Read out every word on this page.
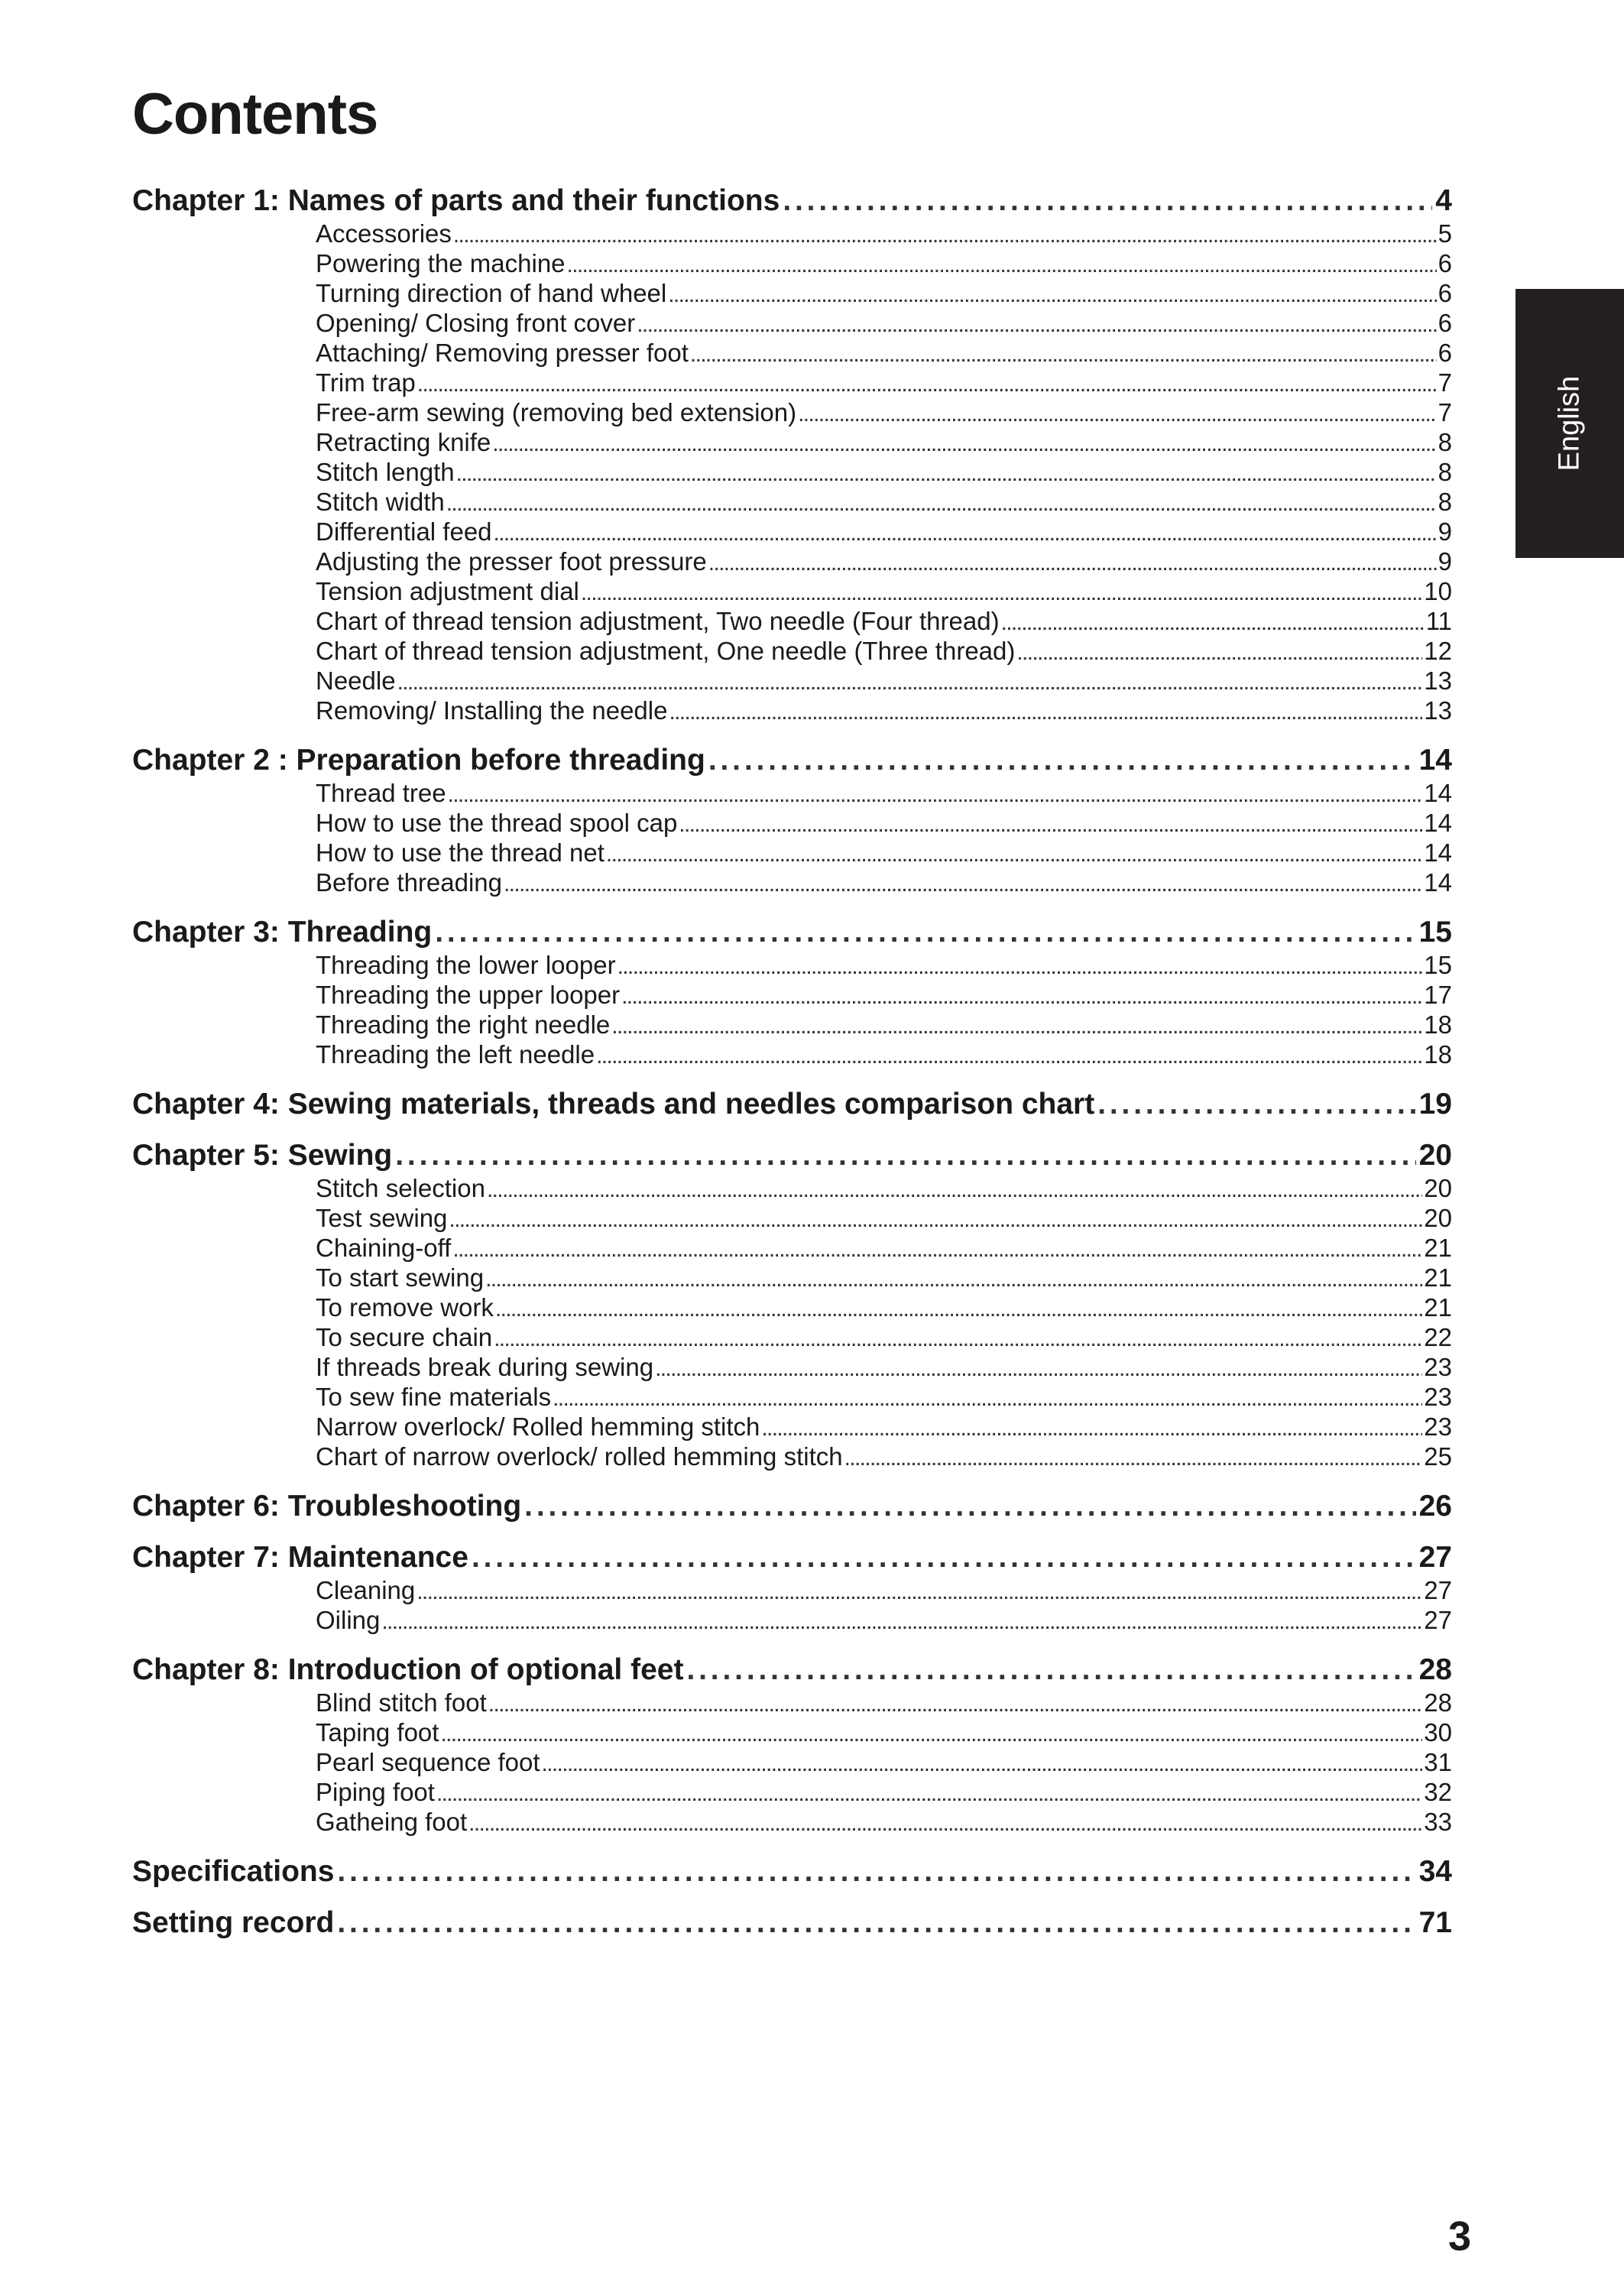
Contents
Chapter 1: Names of parts and their functions . . .	4
Accessories . . .	5
Powering the machine . . .	6
Turning direction of hand wheel . . .	6
Opening/ Closing front cover . . .	6
Attaching/ Removing presser foot . . .	6
Trim trap . . .	7
Free-arm sewing (removing bed extension) . . .	7
Retracting knife . . .	8
Stitch length . . .	8
Stitch width . . .	8
Differential feed . . .	9
Adjusting the presser foot pressure . . .	9
Tension adjustment dial . . .	10
Chart of thread tension adjustment, Two needle (Four thread) . . .	11
Chart of thread tension adjustment, One needle (Three thread) . . .	12
Needle . . .	13
Removing/ Installing the needle . . .	13
Chapter 2 : Preparation before threading . . .	14
Thread tree . . .	14
How to use the thread spool cap . . .	14
How to use the thread net . . .	14
Before threading . . .	14
Chapter 3: Threading . . .	15
Threading the lower looper . . .	15
Threading the upper looper . . .	17
Threading the right needle . . .	18
Threading the left needle . . .	18
Chapter 4: Sewing materials, threads and needles comparison chart . . .	19
Chapter 5: Sewing . . .	20
Stitch selection . . .	20
Test sewing . . .	20
Chaining-off . . .	21
To start sewing . . .	21
To remove work . . .	21
To secure chain . . .	22
If threads break during sewing . . .	23
To sew fine materials . . .	23
Narrow overlock/ Rolled hemming stitch . . .	23
Chart of narrow overlock/ rolled hemming stitch . . .	25
Chapter 6: Troubleshooting . . .	26
Chapter 7: Maintenance . . .	27
Cleaning . . .	27
Oiling . . .	27
Chapter 8: Introduction of optional feet . . .	28
Blind stitch foot . . .	28
Taping foot . . .	30
Pearl sequence foot . . .	31
Piping foot . . .	32
Gatheing foot . . .	33
Specifications . . .	34
Setting record . . .	71
English
3
